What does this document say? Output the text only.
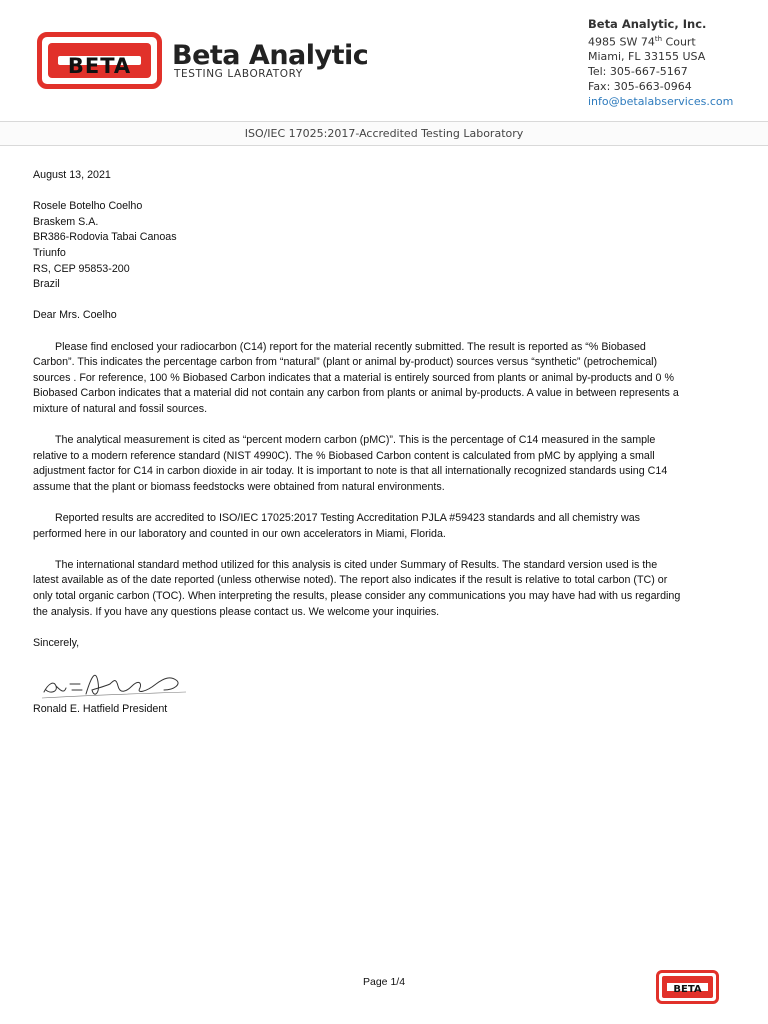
BETA	Beta Analytic
TESTING LABORATORY
Beta Analytic, Inc.
4985 SW 74th Court
Miami, FL 33155 USA
Tel: 305-667-5167
Fax: 305-663-0964
info@betalabservices.com
ISO/IEC 17025:2017-Accredited Testing Laboratory

August 13, 2021

Rosele Botelho Coelho

Braskem S.A.

BR386-Rodovia Tabai Canoas

Triunfo

RS, CEP 95853-200

Brazil

Dear Mrs. Coelho

Please find enclosed your radiocarbon (C14) report for the material recently submitted. The result is reported as “% Biobased Carbon”. This indicates the percentage carbon from “natural” (plant or animal by-product) sources versus “synthetic” (petrochemical) sources . For reference, 100 % Biobased Carbon indicates that a material is entirely sourced from plants or animal by-products and 0 % Biobased Carbon indicates that a material did not contain any carbon from plants or animal by-products. A value in between represents a mixture of natural and fossil sources.

The analytical measurement is cited as “percent modern carbon (pMC)”. This is the percentage of C14 measured in the sample relative to a modern reference standard (NIST 4990C). The % Biobased Carbon content is calculated from pMC by applying a small adjustment factor for C14 in carbon dioxide in air today. It is important to note is that all internationally recognized standards using C14 assume that the plant or biomass feedstocks were obtained from natural environments.

Reported results are accredited to ISO/IEC 17025:2017 Testing Accreditation PJLA #59423 standards and all chemistry was performed here in our laboratory and counted in our own accelerators in Miami, Florida.

The international standard method utilized for this analysis is cited under Summary of Results. The standard version used is the latest available as of the date reported (unless otherwise noted). The report also indicates if the result is relative to total carbon (TC) or only total organic carbon (TOC). When interpreting the results, please consider any communications you may have had with us regarding the analysis. If you have any questions please contact us. We welcome your inquiries.

Sincerely,

Ronald E. Hatfield President
Page 1/4
BETA
